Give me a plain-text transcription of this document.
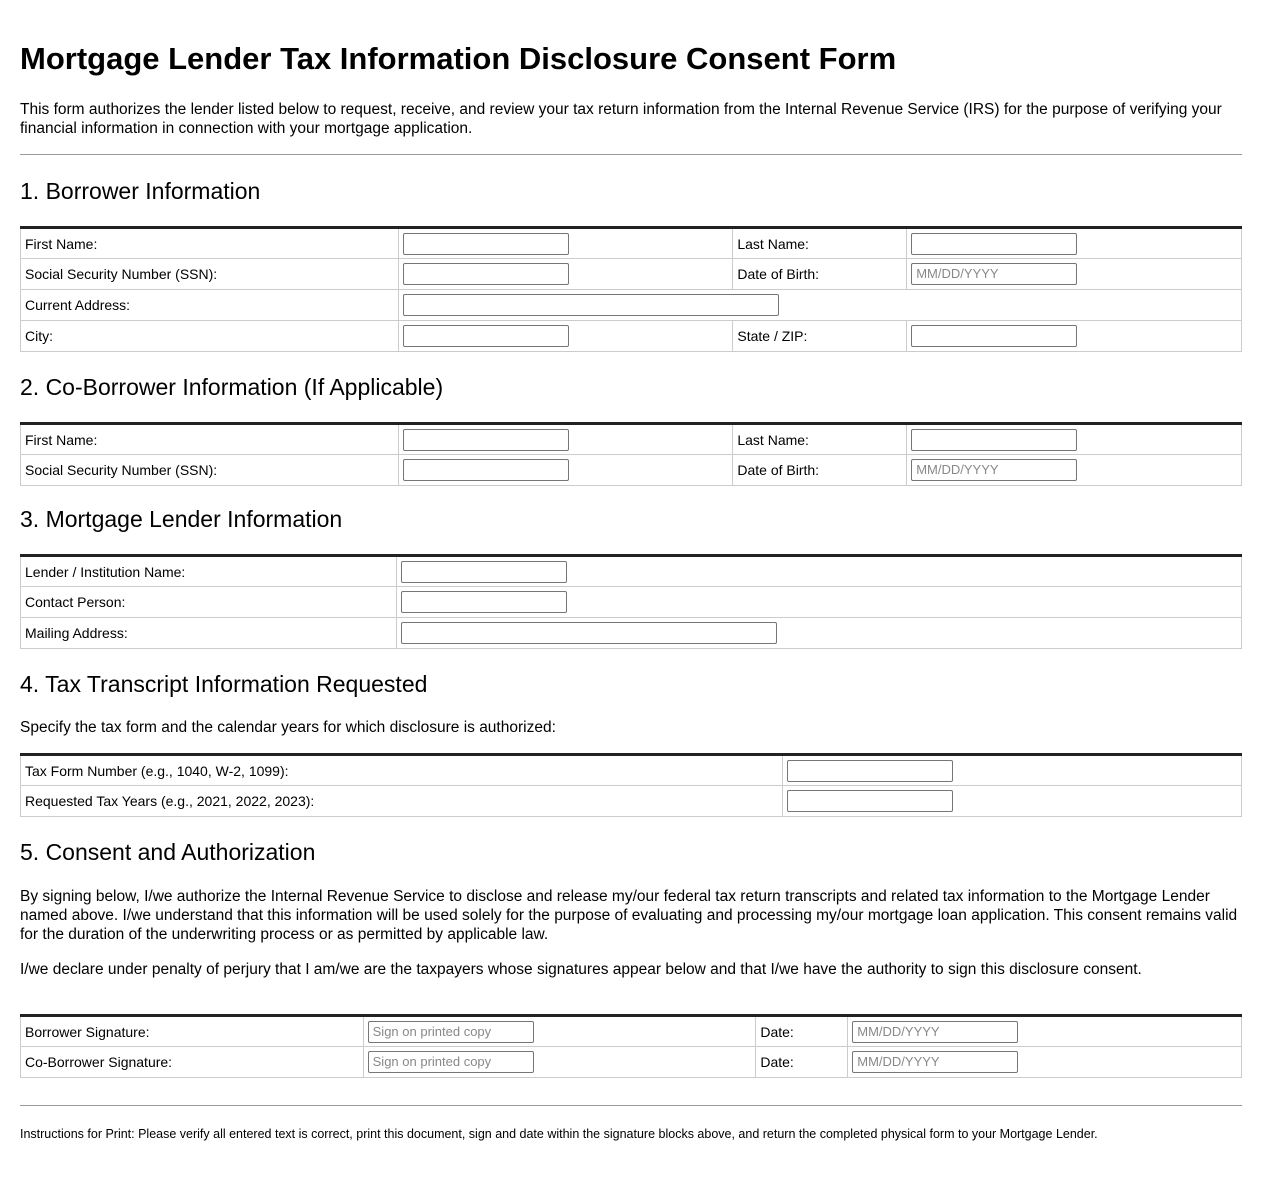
Mortgage Lender Tax Information Disclosure Consent Form

This form authorizes the lender listed below to request, receive, and review your tax return information from the Internal Revenue Service (IRS) for the purpose of verifying your financial information in connection with your mortgage application.

1. Borrower Information
First Name:		Last Name:	
Social Security Number (SSN):		Date of Birth:	MM/DD/YYYY
Current Address:			
City:		State / ZIP:	
2. Co-Borrower Information (If Applicable)
First Name:		Last Name:	
Social Security Number (SSN):		Date of Birth:	MM/DD/YYYY
3. Mortgage Lender Information
Lender / Institution Name:	
Contact Person:	
Mailing Address:	
4. Tax Transcript Information Requested

Specify the tax form and the calendar years for which disclosure is authorized:

Tax Form Number (e.g., 1040, W-2, 1099):	
Requested Tax Years (e.g., 2021, 2022, 2023):	
5. Consent and Authorization

By signing below, I/we authorize the Internal Revenue Service to disclose and release my/our federal tax return transcripts and related tax information to the Mortgage Lender named above. I/we understand that this information will be used solely for the purpose of evaluating and processing my/our mortgage loan application. This consent remains valid for the duration of the underwriting process or as permitted by applicable law.

I/we declare under penalty of perjury that I am/we are the taxpayers whose signatures appear below and that I/we have the authority to sign this disclosure consent.

Borrower Signature:	Sign on printed copy	Date:	MM/DD/YYYY
Co-Borrower Signature:	Sign on printed copy	Date:	MM/DD/YYYY

Instructions for Print: Please verify all entered text is correct, print this document, sign and date within the signature blocks above, and return the completed physical form to your Mortgage Lender.
